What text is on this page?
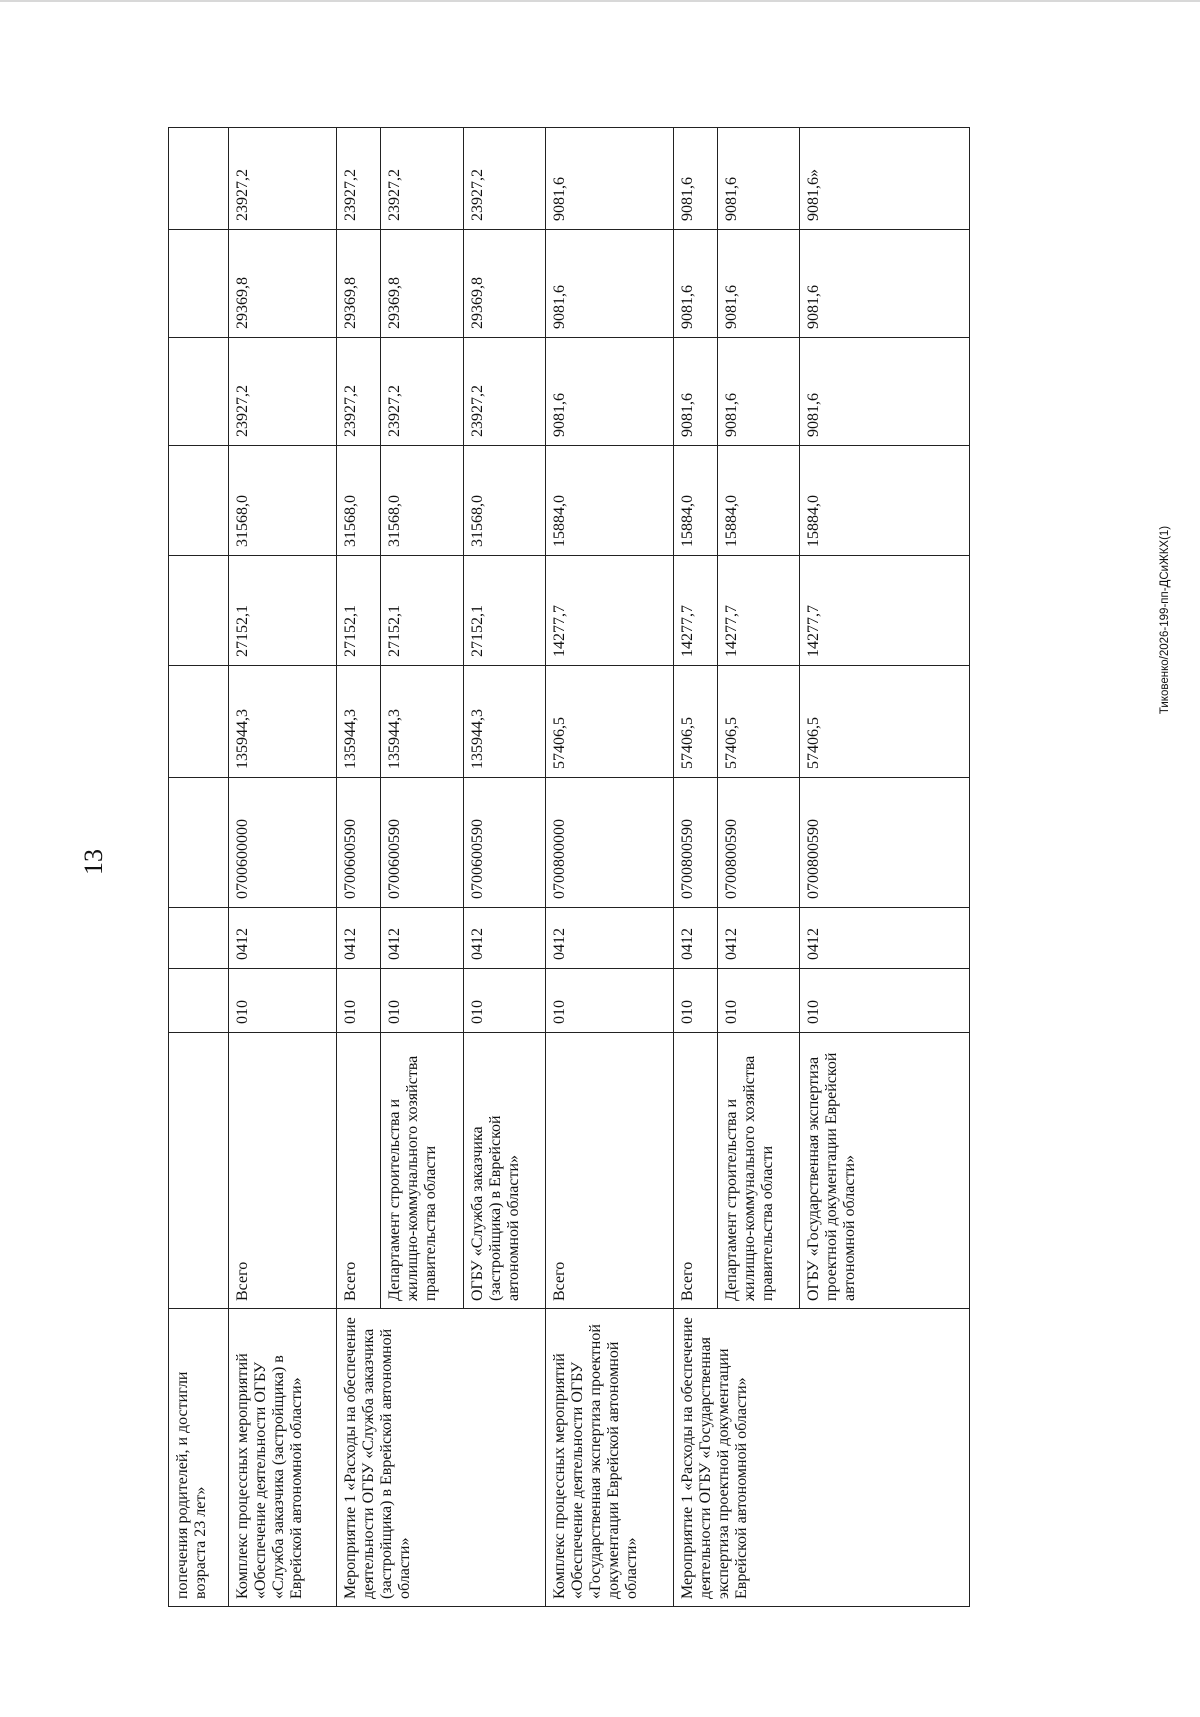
13
Тиковенко/2026-199-пп-ДСиЖКХ(1)
попечения родителей, и достигли возраста 23 лет»										
Комплекс процессных мероприятий «Обеспечение деятельности ОГБУ «Служба заказчика (застройщика) в Еврейской автономной области»	Всего	010	0412	0700600000	135944,3	27152,1	31568,0	23927,2	29369,8	23927,2
Мероприятие 1 «Расходы на обеспечение деятельности ОГБУ «Служба заказчика (застройщика) в Еврейской автономной области»	Всего	010	0412	0700600590	135944,3	27152,1	31568,0	23927,2	29369,8	23927,2
	Департамент строительства и жилищно-коммунального хозяйства правительства области	010	0412	0700600590	135944,3	27152,1	31568,0	23927,2	29369,8	23927,2
	ОГБУ «Служба заказчика (застройщика) в Еврейской автономной области»	010	0412	0700600590	135944,3	27152,1	31568,0	23927,2	29369,8	23927,2
Комплекс процессных мероприятий «Обеспечение деятельности ОГБУ «Государственная экспертиза проектной документации Еврейской автономной области»	Всего	010	0412	0700800000	57406,5	14277,7	15884,0	9081,6	9081,6	9081,6
Мероприятие 1 «Расходы на обеспечение деятельности ОГБУ «Государственная экспертиза проектной документации Еврейской автономной области»	Всего	010	0412	0700800590	57406,5	14277,7	15884,0	9081,6	9081,6	9081,6
	Департамент строительства и жилищно-коммунального хозяйства правительства области	010	0412	0700800590	57406,5	14277,7	15884,0	9081,6	9081,6	9081,6
	ОГБУ «Государственная экспертиза проектной документации Еврейской автономной области»	010	0412	0700800590	57406,5	14277,7	15884,0	9081,6	9081,6	9081,6»
